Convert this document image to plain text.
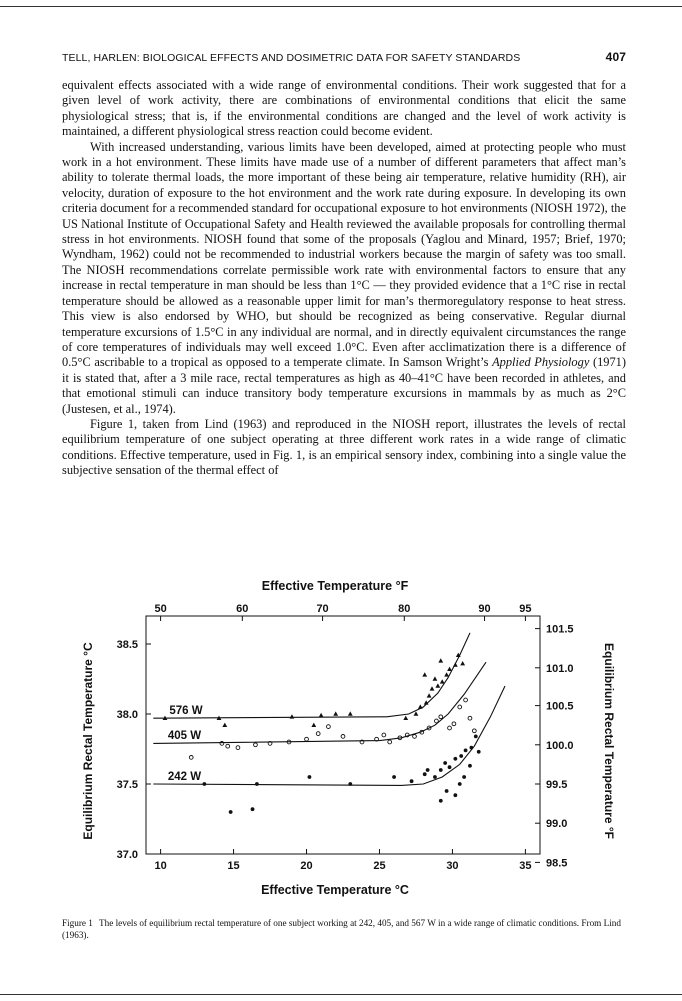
TELL, HARLEN: BIOLOGICAL EFFECTS AND DOSIMETRIC DATA FOR SAFETY STANDARDS	407

equivalent effects associated with a wide range of environmental conditions. Their work suggested that for a given level of work activity, there are combinations of environmental conditions that elicit the same physiological stress; that is, if the environmental conditions are changed and the level of work activity is maintained, a different physiological stress reaction could become evident.

With increased understanding, various limits have been developed, aimed at protecting people who must work in a hot environment. These limits have made use of a number of different parameters that affect man’s ability to tolerate thermal loads, the more important of these being air temperature, relative humidity (RH), air velocity, duration of exposure to the hot environment and the work rate during exposure. In developing its own criteria document for a recommended standard for occupational exposure to hot environments (NIOSH 1972), the US National Institute of Occupational Safety and Health reviewed the available proposals for controlling thermal stress in hot environments. NIOSH found that some of the proposals (Yaglou and Minard, 1957; Brief, 1970; Wyndham, 1962) could not be recommended to industrial workers because the margin of safety was too small. The NIOSH recommendations correlate permissible work rate with environmental factors to ensure that any increase in rectal temperature in man should be less than 1°C — they provided evidence that a 1°C rise in rectal temperature should be allowed as a reasonable upper limit for man’s thermoregulatory response to heat stress. This view is also endorsed by WHO, but should be recognized as being conservative. Regular diurnal temperature excursions of 1.5°C in any individual are normal, and in directly equivalent circumstances the range of core temperatures of individuals may well exceed 1.0°C. Even after acclimatization there is a difference of 0.5°C ascribable to a tropical as opposed to a temperate climate. In Samson Wright’s Applied Physiology (1971) it is stated that, after a 3 mile race, rectal temperatures as high as 40–41°C have been recorded in athletes, and that emotional stimuli can induce transitory body temperature excursions in mammals by as much as 2°C (Justesen, et al., 1974).

Figure 1, taken from Lind (1963) and reproduced in the NIOSH report, illustrates the levels of rectal equilibrium temperature of one subject operating at three different work rates in a wide range of climatic conditions. Effective temperature, used in Fig. 1, is an empirical sensory index, combining into a single value the subjective sensation of the thermal effect of

Effective Temperature °F
Effective Temperature °C
Equilibrium Rectal Temperature °C	Equilibrium Rectal Temperature °F
10	15	20	25	30	35
50	60	70	80	90	95
37.0
37.5
38.0
38.5
98.5
99.0
99.5
100.0
100.5
101.0
101.5
576 W
405 W
242 W
Figure 1 The levels of equilibrium rectal temperature of one subject working at 242, 405, and 567 W in a wide range of climatic conditions. From Lind (1963).
